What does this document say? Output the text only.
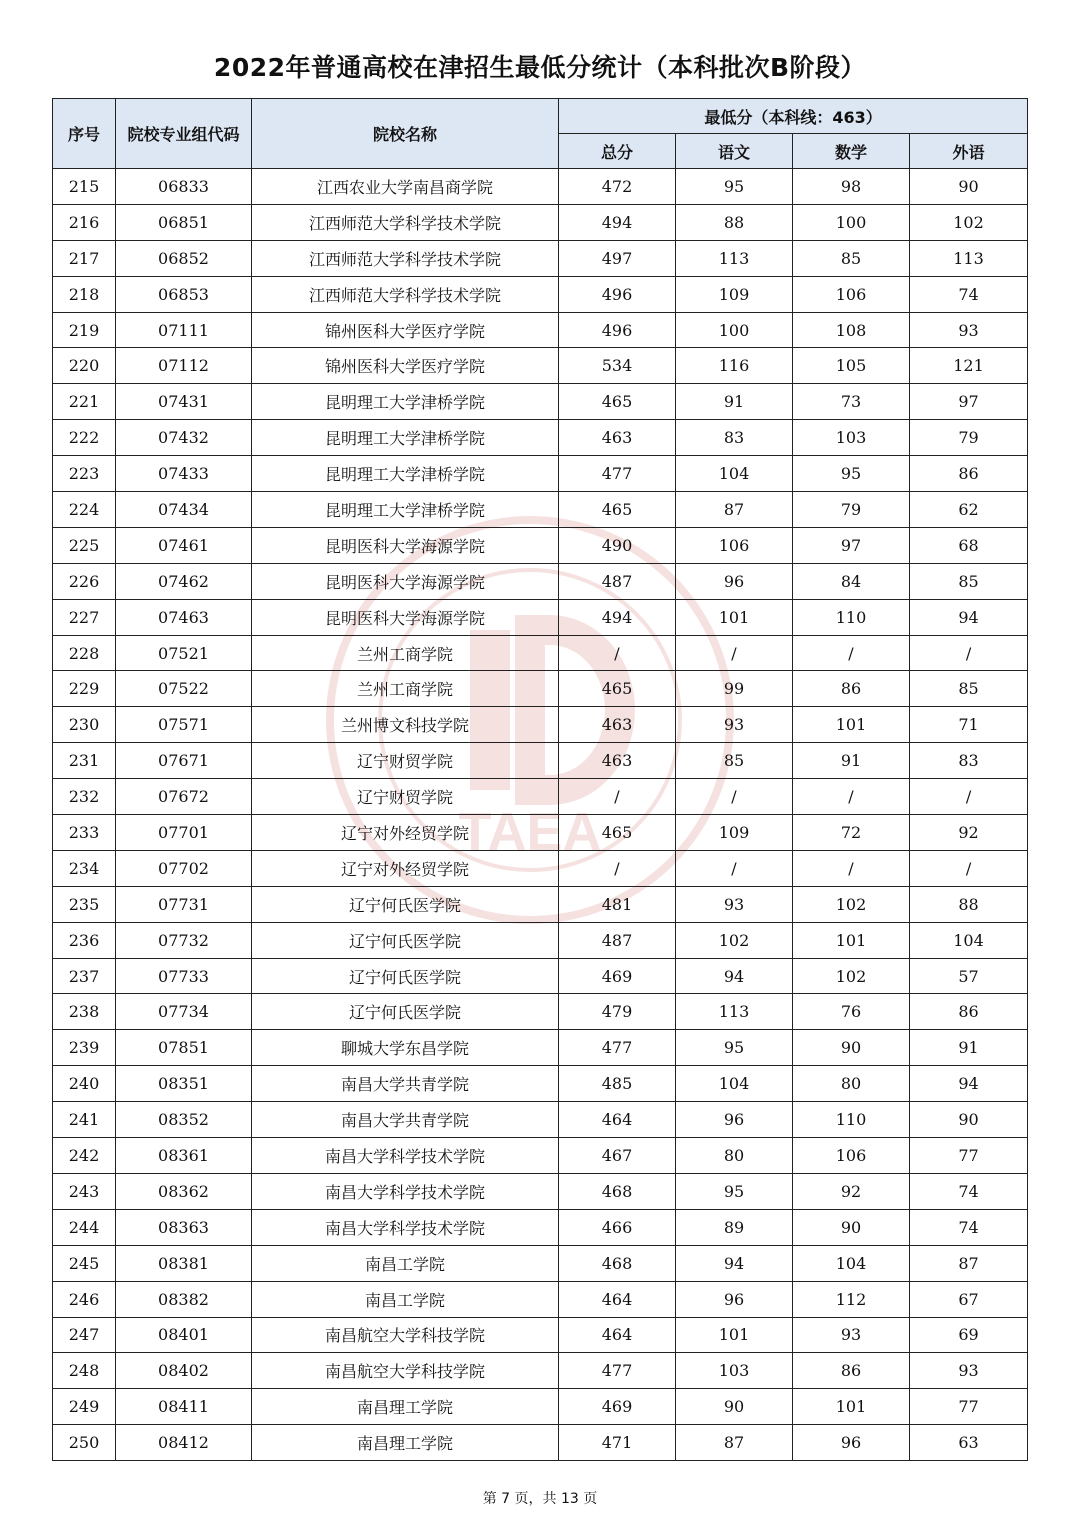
2022年普通高校在津招生最低分统计（本科批次B阶段）
TAEA
序号	院校专业组代码	院校名称	最低分（本科线：463）			
			总分	语文	数学	外语
215	06833	江西农业大学南昌商学院	472	95	98	90
216	06851	江西师范大学科学技术学院	494	88	100	102
217	06852	江西师范大学科学技术学院	497	113	85	113
218	06853	江西师范大学科学技术学院	496	109	106	74
219	07111	锦州医科大学医疗学院	496	100	108	93
220	07112	锦州医科大学医疗学院	534	116	105	121
221	07431	昆明理工大学津桥学院	465	91	73	97
222	07432	昆明理工大学津桥学院	463	83	103	79
223	07433	昆明理工大学津桥学院	477	104	95	86
224	07434	昆明理工大学津桥学院	465	87	79	62
225	07461	昆明医科大学海源学院	490	106	97	68
226	07462	昆明医科大学海源学院	487	96	84	85
227	07463	昆明医科大学海源学院	494	101	110	94
228	07521	兰州工商学院	/	/	/	/
229	07522	兰州工商学院	465	99	86	85
230	07571	兰州博文科技学院	463	93	101	71
231	07671	辽宁财贸学院	463	85	91	83
232	07672	辽宁财贸学院	/	/	/	/
233	07701	辽宁对外经贸学院	465	109	72	92
234	07702	辽宁对外经贸学院	/	/	/	/
235	07731	辽宁何氏医学院	481	93	102	88
236	07732	辽宁何氏医学院	487	102	101	104
237	07733	辽宁何氏医学院	469	94	102	57
238	07734	辽宁何氏医学院	479	113	76	86
239	07851	聊城大学东昌学院	477	95	90	91
240	08351	南昌大学共青学院	485	104	80	94
241	08352	南昌大学共青学院	464	96	110	90
242	08361	南昌大学科学技术学院	467	80	106	77
243	08362	南昌大学科学技术学院	468	95	92	74
244	08363	南昌大学科学技术学院	466	89	90	74
245	08381	南昌工学院	468	94	104	87
246	08382	南昌工学院	464	96	112	67
247	08401	南昌航空大学科技学院	464	101	93	69
248	08402	南昌航空大学科技学院	477	103	86	93
249	08411	南昌理工学院	469	90	101	77
250	08412	南昌理工学院	471	87	96	63
第 7 页，共 13 页
